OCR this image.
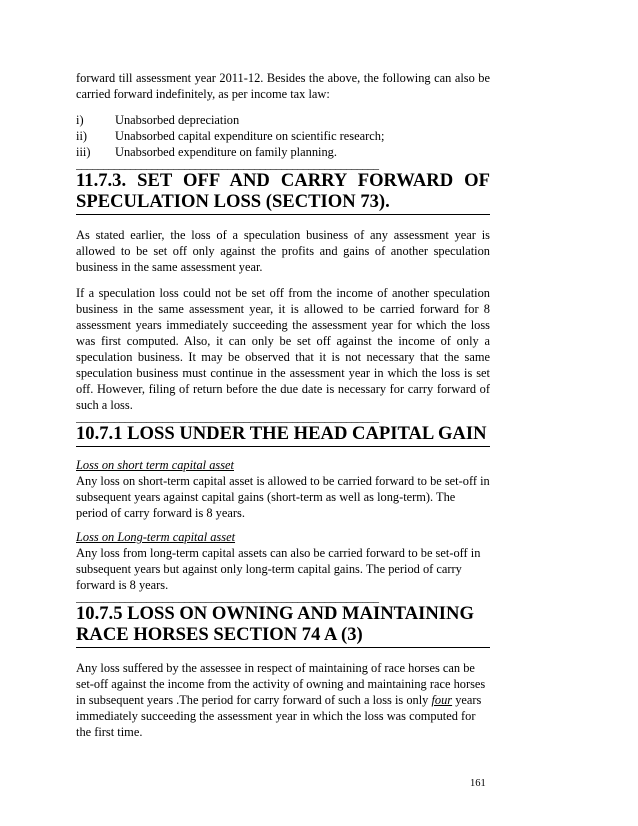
forward till assessment year 2011-12. Besides the above, the following can also be carried forward indefinitely, as per income tax law:

i)	Unabsorbed depreciation
ii)	Unabsorbed capital expenditure on scientific research;
iii)	Unabsorbed expenditure on family planning.
________________________________________________________
11.7.3. SET OFF AND CARRY FORWARD OF SPECULATION LOSS (SECTION 73).

As stated earlier, the loss of a speculation business of any assessment year is allowed to be set off only against the profits and gains of another speculation business in the same assessment year.

If a speculation loss could not be set off from the income of another speculation business in the same assessment year, it is allowed to be carried forward for 8 assessment years immediately succeeding the assessment year for which the loss was first computed. Also, it can only be set off against the income of only a speculation business. It may be observed that it is not necessary that the same speculation business must continue in the assessment year in which the loss is set off. However, filing of return before the due date is necessary for carry forward of such a loss.

________________________________________________________
10.7.1 LOSS UNDER THE HEAD CAPITAL GAIN

Loss on short term capital asset

Any loss on short-term capital asset is allowed to be carried forward to be set-off in subsequent years against capital gains (short-term as well as long-term). The period of carry forward is 8 years.

Loss on Long-term capital asset

Any loss from long-term capital assets can also be carried forward to be set-off in subsequent years but against only long-term capital gains. The period of carry forward is 8 years.

________________________________________________________
10.7.5 LOSS ON OWNING AND MAINTAINING RACE HORSES SECTION 74 A (3)

Any loss suffered by the assessee in respect of maintaining of race horses can be set-off against the income from the activity of owning and maintaining race horses in subsequent years .The period for carry forward of such a loss is only four years immediately succeeding the assessment year in which the loss was computed for the first time.

161
